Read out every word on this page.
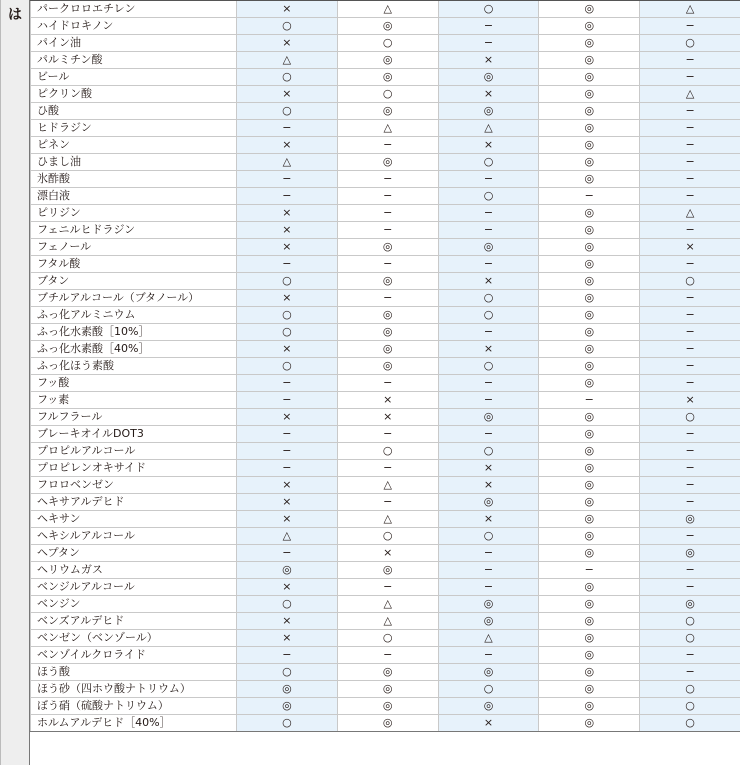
は パークロロエチレン	×	△	○	◎	△
ハイドロキノン	○	◎	−	◎	−
パイン油	×	○	−	◎	○
パルミチン酸	△	◎	×	◎	−
ビール	○	◎	◎	◎	−
ピクリン酸	×	○	×	◎	△
ひ酸	○	◎	◎	◎	−
ヒドラジン	−	△	△	◎	−
ピネン	×	−	×	◎	−
ひまし油	△	◎	○	◎	−
氷酢酸	−	−	−	◎	−
漂白液	−	−	○	−	−
ピリジン	×	−	−	◎	△
フェニルヒドラジン	×	−	−	◎	−
フェノール	×	◎	◎	◎	×
フタル酸	−	−	−	◎	−
ブタン	○	◎	×	◎	○
ブチルアルコール（ブタノール）	×	−	○	◎	−
ふっ化アルミニウム	○	◎	○	◎	−
ふっ化水素酸［10%］	○	◎	−	◎	−
ふっ化水素酸［40%］	×	◎	×	◎	−
ふっ化ほう素酸	○	◎	○	◎	−
フッ酸	−	−	−	◎	−
フッ素	−	×	−	−	×
フルフラール	×	×	◎	◎	○
ブレーキオイルDOT3	−	−	−	◎	−
プロピルアルコール	−	○	○	◎	−
プロピレンオキサイド	−	−	×	◎	−
フロロベンゼン	×	△	×	◎	−
ヘキサアルデヒド	×	−	◎	◎	−
ヘキサン	×	△	×	◎	◎
ヘキシルアルコール	△	○	○	◎	−
ヘプタン	−	×	−	◎	◎
ヘリウムガス	◎	◎	−	−	−
ベンジルアルコール	×	−	−	◎	−
ベンジン	○	△	◎	◎	◎
ベンズアルデヒド	×	△	◎	◎	○
ベンゼン（ベンゾール）	×	○	△	◎	○
ベンゾイルクロライド	−	−	−	◎	−
ほう酸	○	◎	◎	◎	−
ほう砂（四ホウ酸ナトリウム）	◎	◎	○	◎	○
ぼう硝（硫酸ナトリウム）	◎	◎	◎	◎	○
ホルムアルデヒド［40%］	○	◎	×	◎	○
